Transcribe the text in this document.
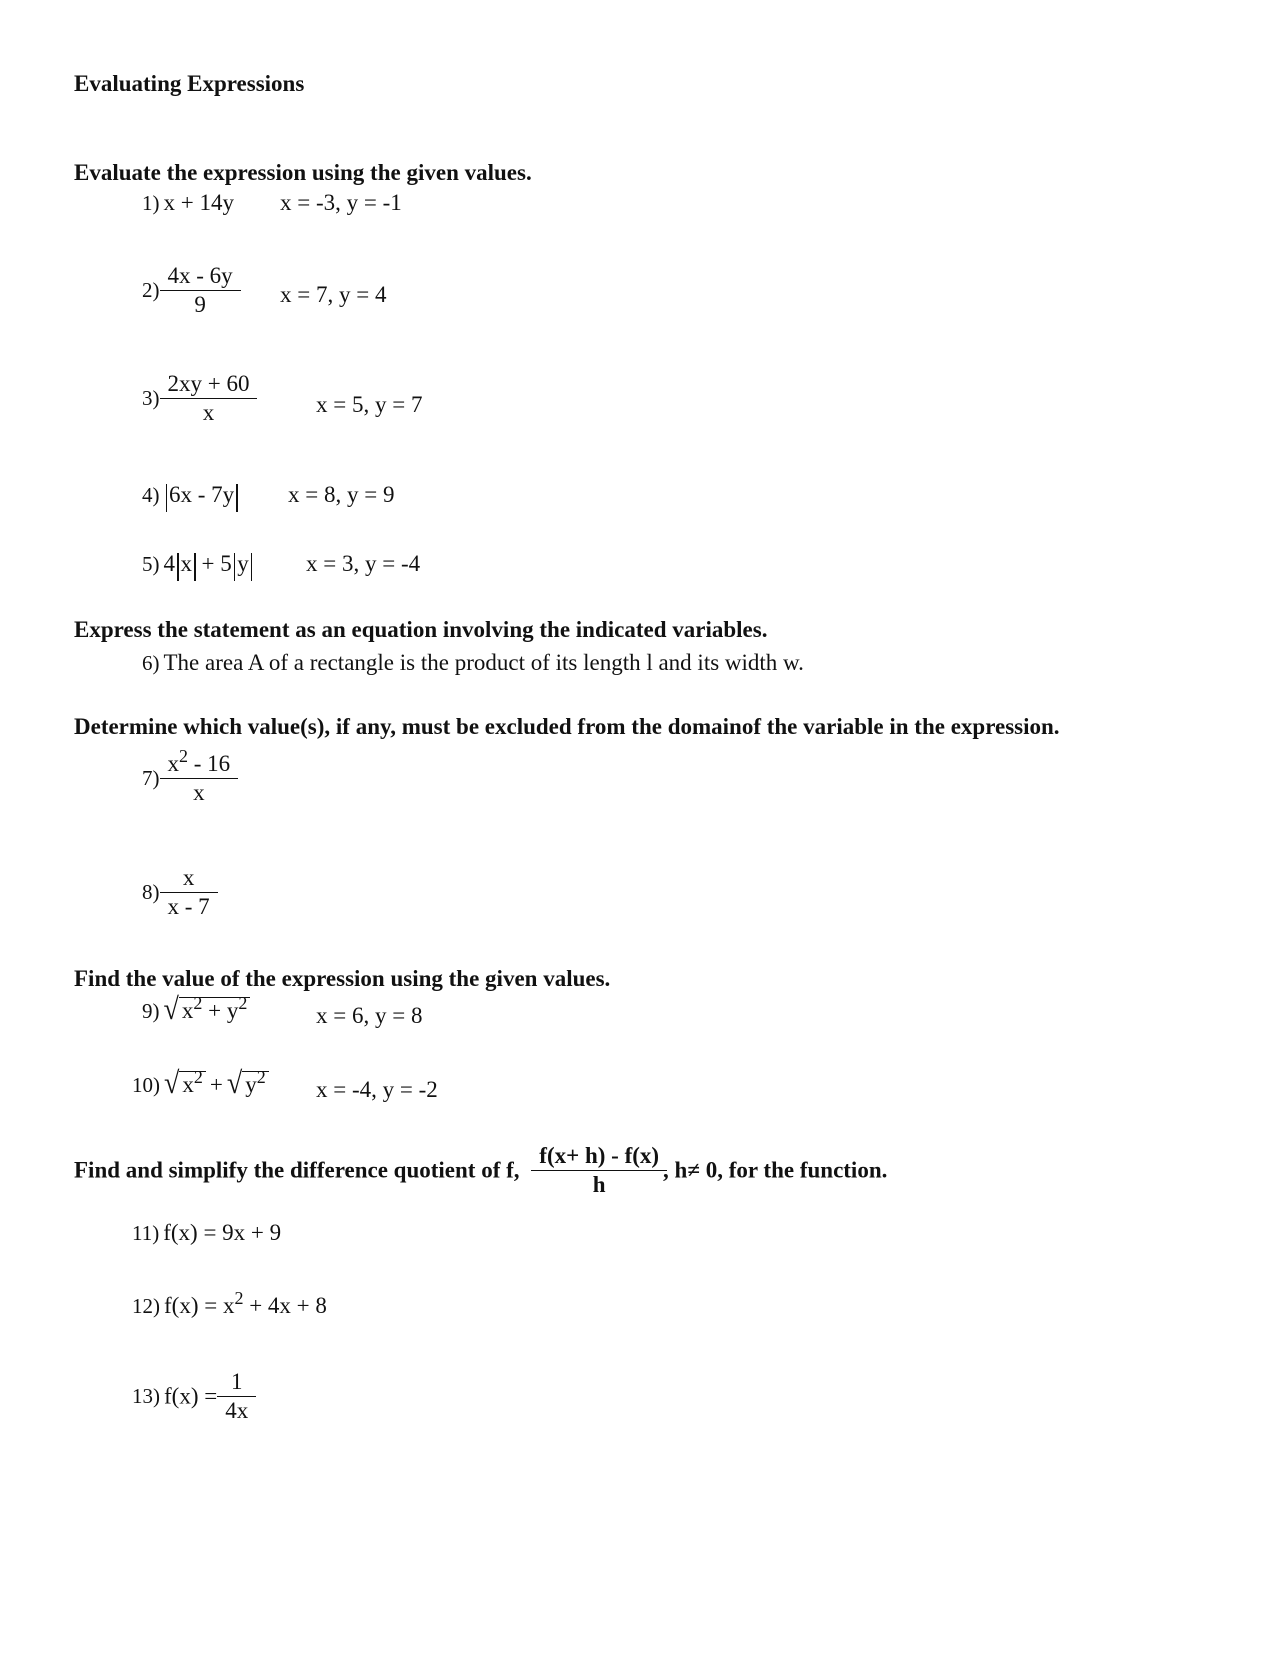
Evaluating Expressions
Evaluate the expression using the given values.
1) x + 14y x = -3, y = -1
$2) \frac{4x - 6y}{9}$ x = 7, y = 4
$3) \frac{2xy + 60}{x}$	x = 5, y = 7
4) 6x - 7y x = 8, y = 9
5) 4 x + 5 y x = 3, y = -4
Express the statement as an equation involving the indicated variables.
6) The area A of a rectangle is the product of its length l and its width w.
Determine which value(s), if any, must be excluded from the domainof the variable in the expression.
$7) \frac{x^2 - 16}{x}$
$8) \frac{x}{x - 7}$
Find the value of the expression using the given values.
9) √ $x^2 + y^2$	x = 6, y = 8
10) √ $x^2$ + √ $y^2$ x = -4, y = -2
Find and simplify the difference quotient of f, $\frac{f(x+ h) - f(x)}{h}$ , h≠ 0, for the function.
11) f(x) = 9x + 9
12) $f(x) = x^2 + 4x + 8$
13) $f(x) = \frac{1}{4x}$
